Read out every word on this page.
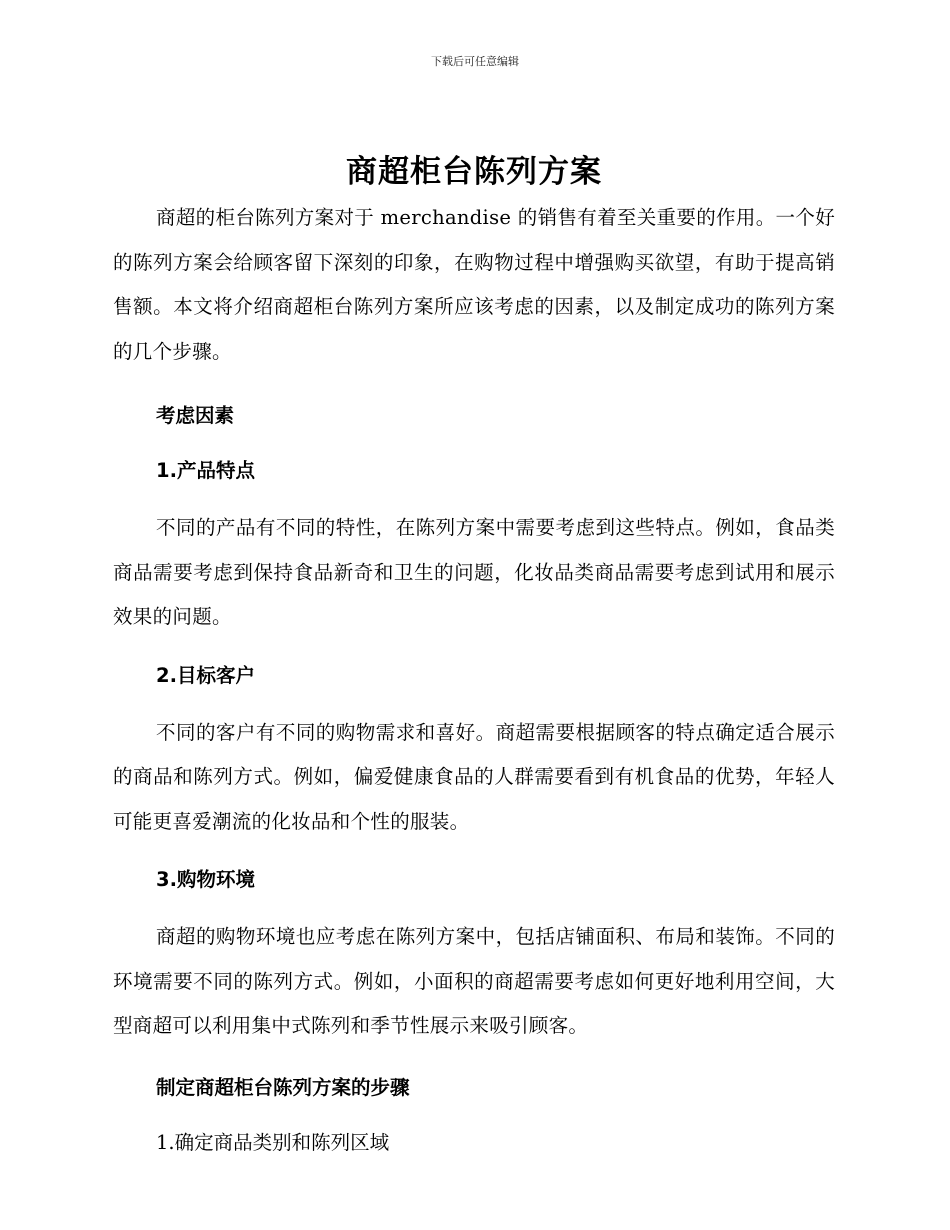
下载后可任意编辑
商超柜台陈列方案

商超的柜台陈列方案对于 merchandise 的销售有着至关重要的作用。一个好的陈列方案会给顾客留下深刻的印象，在购物过程中增强购买欲望，有助于提高销售额。本文将介绍商超柜台陈列方案所应该考虑的因素，以及制定成功的陈列方案的几个步骤。

考虑因素
1.产品特点

不同的产品有不同的特性，在陈列方案中需要考虑到这些特点。例如，食品类商品需要考虑到保持食品新奇和卫生的问题，化妆品类商品需要考虑到试用和展示效果的问题。

2.目标客户

不同的客户有不同的购物需求和喜好。商超需要根据顾客的特点确定适合展示的商品和陈列方式。例如，偏爱健康食品的人群需要看到有机食品的优势，年轻人可能更喜爱潮流的化妆品和个性的服装。

3.购物环境

商超的购物环境也应考虑在陈列方案中，包括店铺面积、布局和装饰。不同的环境需要不同的陈列方式。例如，小面积的商超需要考虑如何更好地利用空间，大型商超可以利用集中式陈列和季节性展示来吸引顾客。

制定商超柜台陈列方案的步骤

1.确定商品类别和陈列区域
